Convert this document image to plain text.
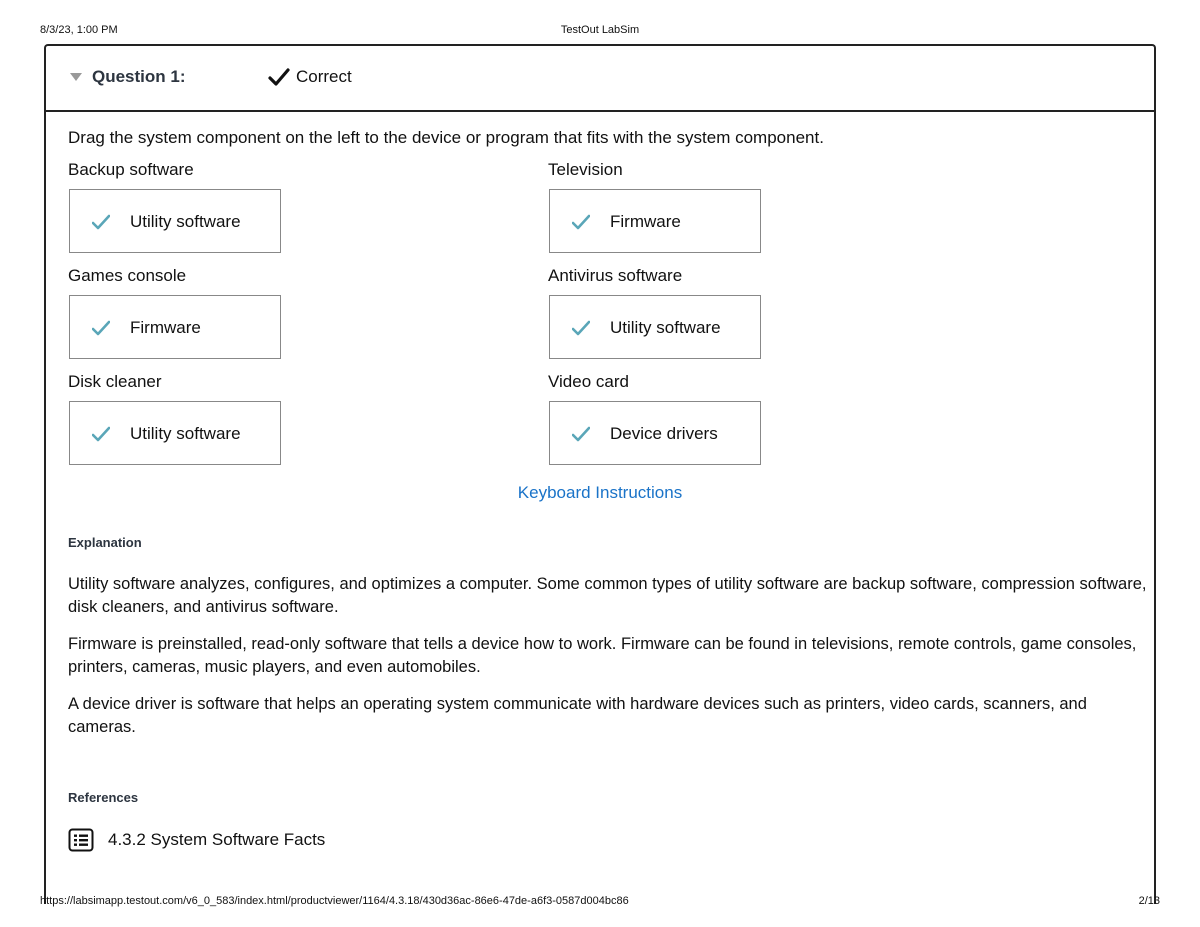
8/3/23, 1:00 PM	TestOut LabSim
Question 1:	Correct
Drag the system component on the left to the device or program that fits with the system component.
Backup software
Utility software
Television
Firmware
Games console
Firmware
Antivirus software
Utility software
Disk cleaner
Utility software
Video card
Device drivers
Keyboard Instructions
Explanation
Utility software analyzes, configures, and optimizes a computer. Some common types of utility software are backup software, compression software, disk cleaners, and antivirus software.
Firmware is preinstalled, read-only software that tells a device how to work. Firmware can be found in televisions, remote controls, game consoles, printers, cameras, music players, and even automobiles.
A device driver is software that helps an operating system communicate with hardware devices such as printers, video cards, scanners, and cameras.
References
4.3.2 System Software Facts
https://labsimapp.testout.com/v6_0_583/index.html/productviewer/1164/4.3.18/430d36ac-86e6-47de-a6f3-0587d004bc86	2/13
